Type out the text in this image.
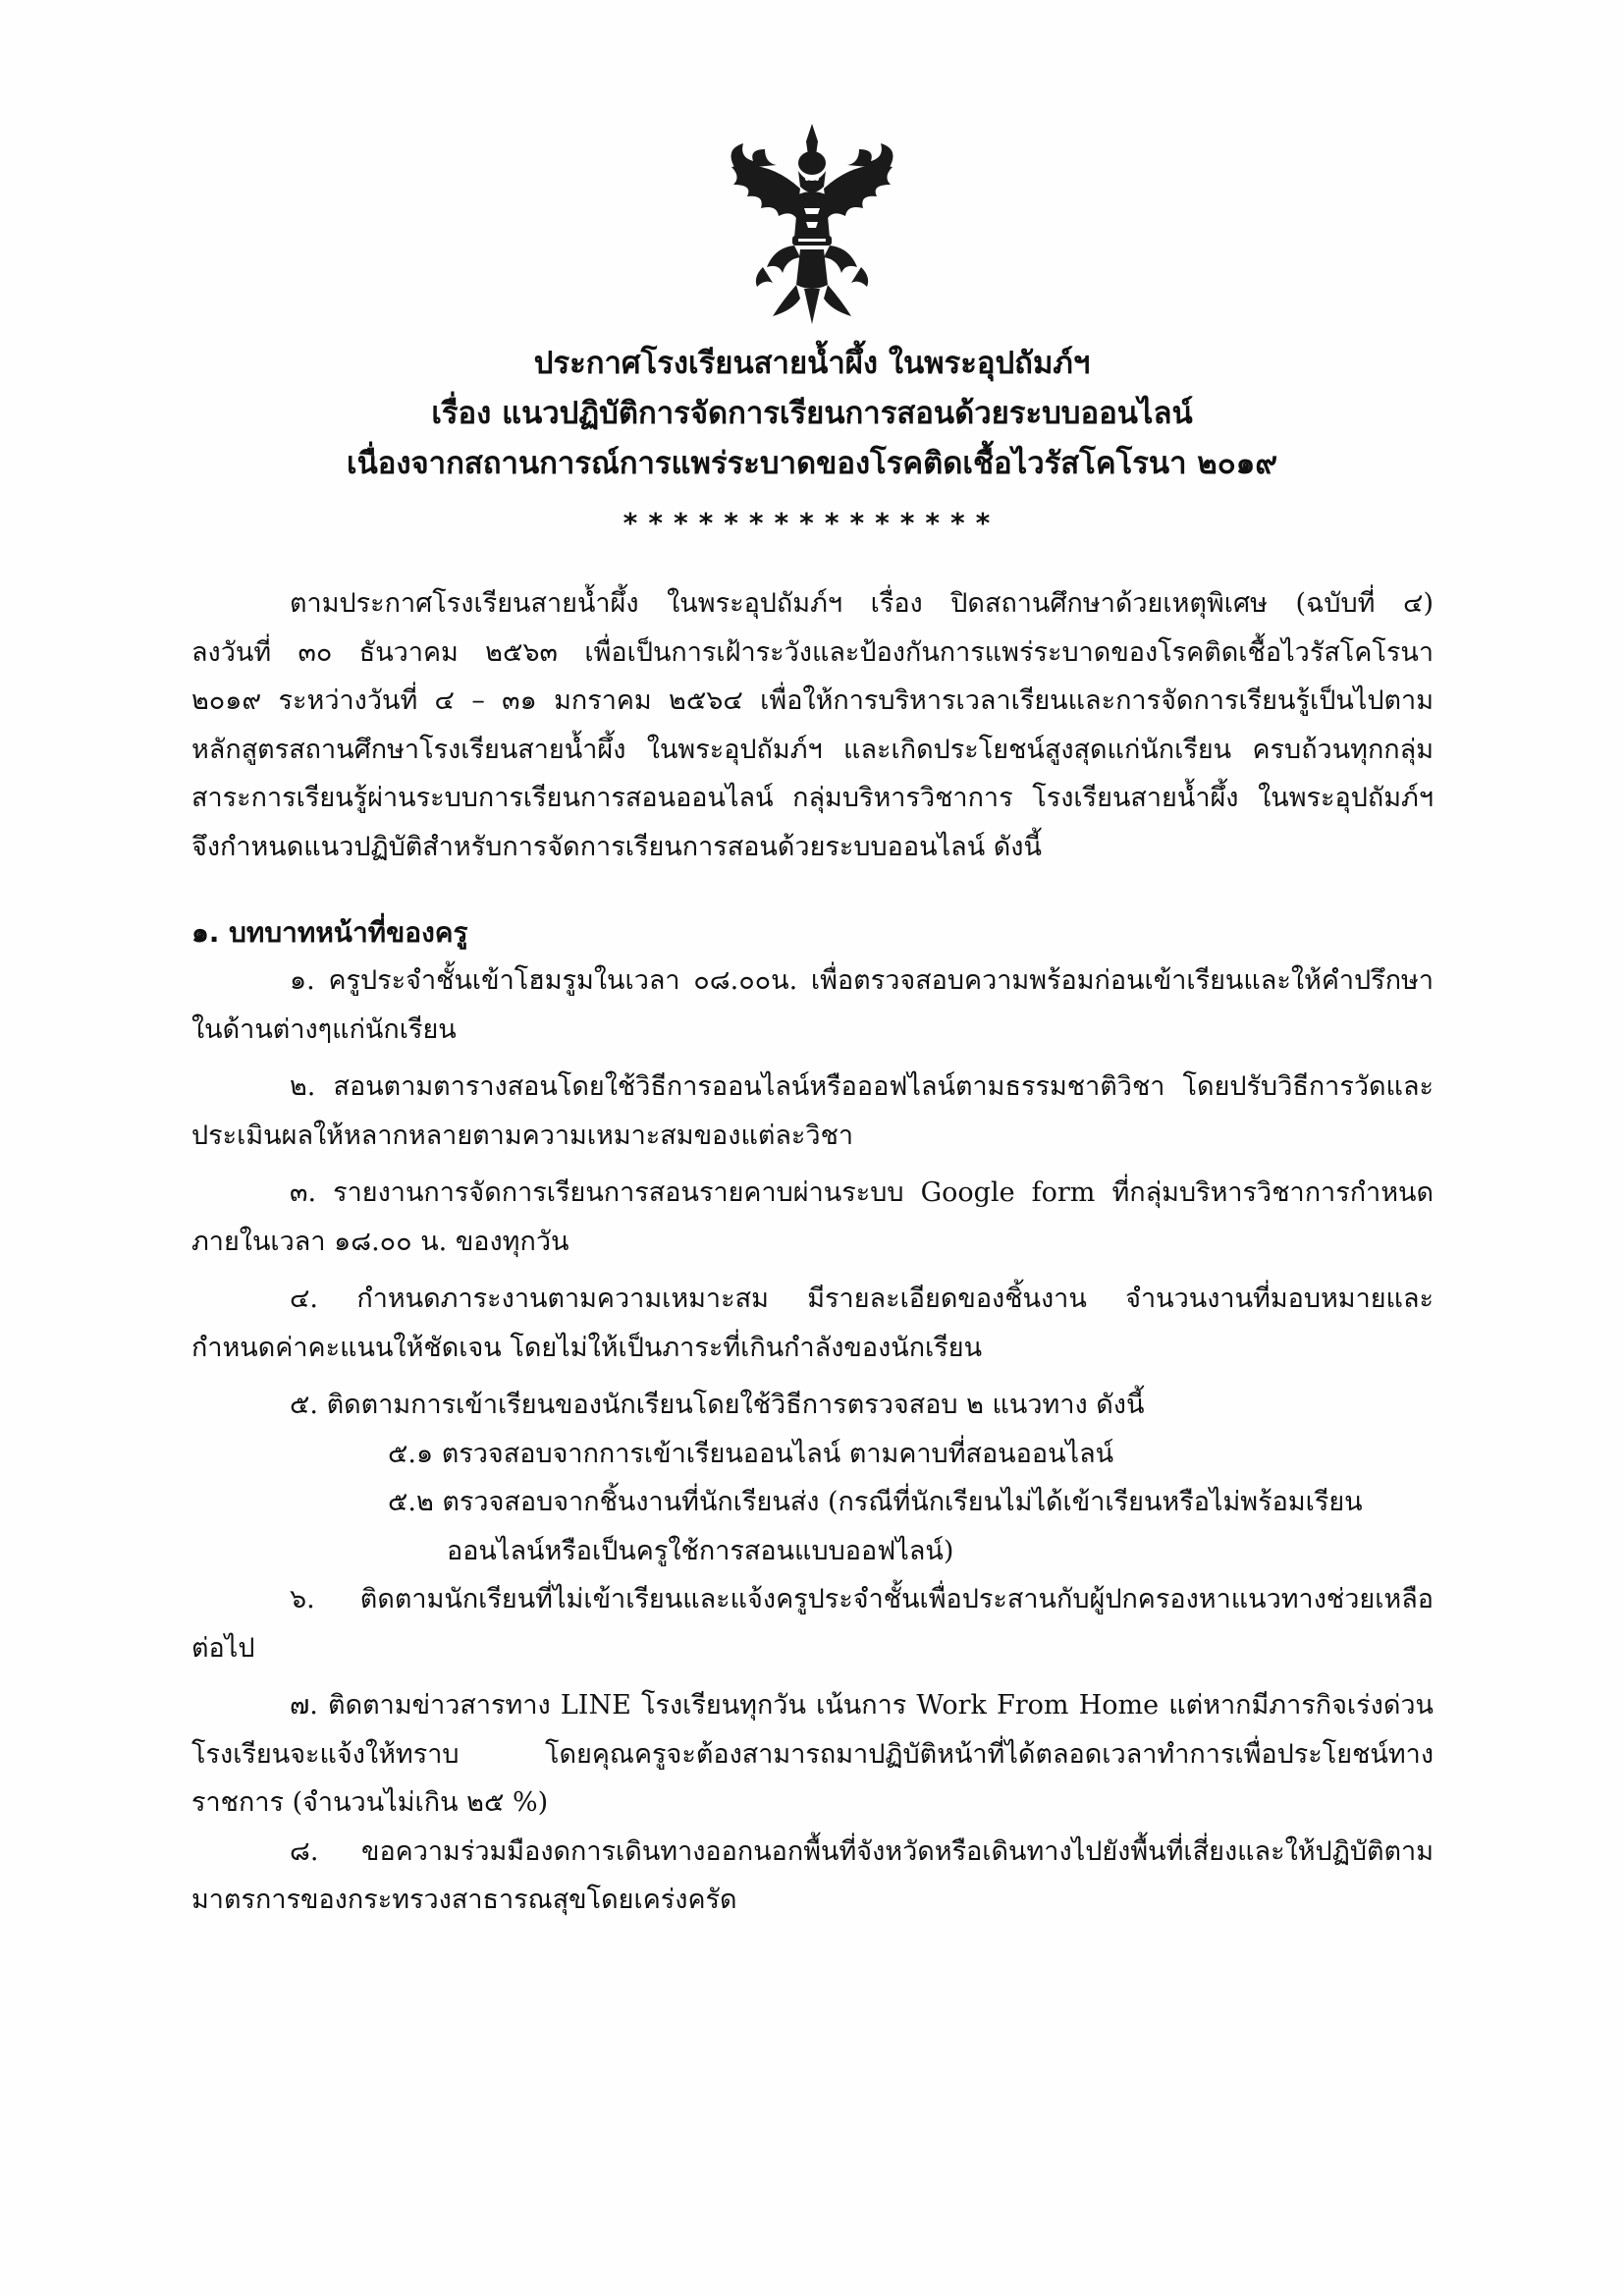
ประกาศโรงเรียนสายน้ำผึ้ง ในพระอุปถัมภ์ฯ
เรื่อง แนวปฏิบัติการจัดการเรียนการสอนด้วยระบบออนไลน์
เนื่องจากสถานการณ์การแพร่ระบาดของโรคติดเชื้อไวรัสโคโรนา ๒๐๑๙
***************
ตามประกาศโรงเรียนสายน้ำผึ้ง ในพระอุปถัมภ์ฯ เรื่อง ปิดสถานศึกษาด้วยเหตุพิเศษ (ฉบับที่ ๔)
ลงวันที่ ๓๐ ธันวาคม ๒๕๖๓ เพื่อเป็นการเฝ้าระวังและป้องกันการแพร่ระบาดของโรคติดเชื้อไวรัสโคโรนา
๒๐๑๙ ระหว่างวันที่ ๔ – ๓๑ มกราคม ๒๕๖๔ เพื่อให้การบริหารเวลาเรียนและการจัดการเรียนรู้เป็นไปตาม
หลักสูตรสถานศึกษาโรงเรียนสายน้ำผึ้ง ในพระอุปถัมภ์ฯ และเกิดประโยชน์สูงสุดแก่นักเรียน ครบถ้วนทุกกลุ่ม
สาระการเรียนรู้ผ่านระบบการเรียนการสอนออนไลน์ กลุ่มบริหารวิชาการ โรงเรียนสายน้ำผึ้ง ในพระอุปถัมภ์ฯ
จึงกำหนดแนวปฏิบัติสำหรับการจัดการเรียนการสอนด้วยระบบออนไลน์ ดังนี้
๑. บทบาทหน้าที่ของครู
๑. ครูประจำชั้นเข้าโฮมรูมในเวลา ๐๘.๐๐น. เพื่อตรวจสอบความพร้อมก่อนเข้าเรียนและให้คำปรึกษา
ในด้านต่างๆแก่นักเรียน
๒. สอนตามตารางสอนโดยใช้วิธีการออนไลน์หรือออฟไลน์ตามธรรมชาติวิชา โดยปรับวิธีการวัดและ
ประเมินผลให้หลากหลายตามความเหมาะสมของแต่ละวิชา
๓. รายงานการจัดการเรียนการสอนรายคาบผ่านระบบ Google form ที่กลุ่มบริหารวิชาการกำหนด
ภายในเวลา ๑๘.๐๐ น. ของทุกวัน
๔. กำหนดภาระงานตามความเหมาะสม มีรายละเอียดของชิ้นงาน จำนวนงานที่มอบหมายและ
กำหนดค่าคะแนนให้ชัดเจน โดยไม่ให้เป็นภาระที่เกินกำลังของนักเรียน
๕. ติดตามการเข้าเรียนของนักเรียนโดยใช้วิธีการตรวจสอบ ๒ แนวทาง ดังนี้
๕.๑ ตรวจสอบจากการเข้าเรียนออนไลน์ ตามคาบที่สอนออนไลน์
๕.๒ ตรวจสอบจากชิ้นงานที่นักเรียนส่ง (กรณีที่นักเรียนไม่ได้เข้าเรียนหรือไม่พร้อมเรียน
ออนไลน์หรือเป็นครูใช้การสอนแบบออฟไลน์)
๖. ติดตามนักเรียนที่ไม่เข้าเรียนและแจ้งครูประจำชั้นเพื่อประสานกับผู้ปกครองหาแนวทางช่วยเหลือ
ต่อไป
๗. ติดตามข่าวสารทาง LINE โรงเรียนทุกวัน เน้นการ Work From Home แต่หากมีภารกิจเร่งด่วน
โรงเรียนจะแจ้งให้ทราบ โดยคุณครูจะต้องสามารถมาปฏิบัติหน้าที่ได้ตลอดเวลาทำการเพื่อประโยชน์ทาง
ราชการ (จำนวนไม่เกิน ๒๕ %)
๘. ขอความร่วมมืองดการเดินทางออกนอกพื้นที่จังหวัดหรือเดินทางไปยังพื้นที่เสี่ยงและให้ปฏิบัติตาม
มาตรการของกระทรวงสาธารณสุขโดยเคร่งครัด
